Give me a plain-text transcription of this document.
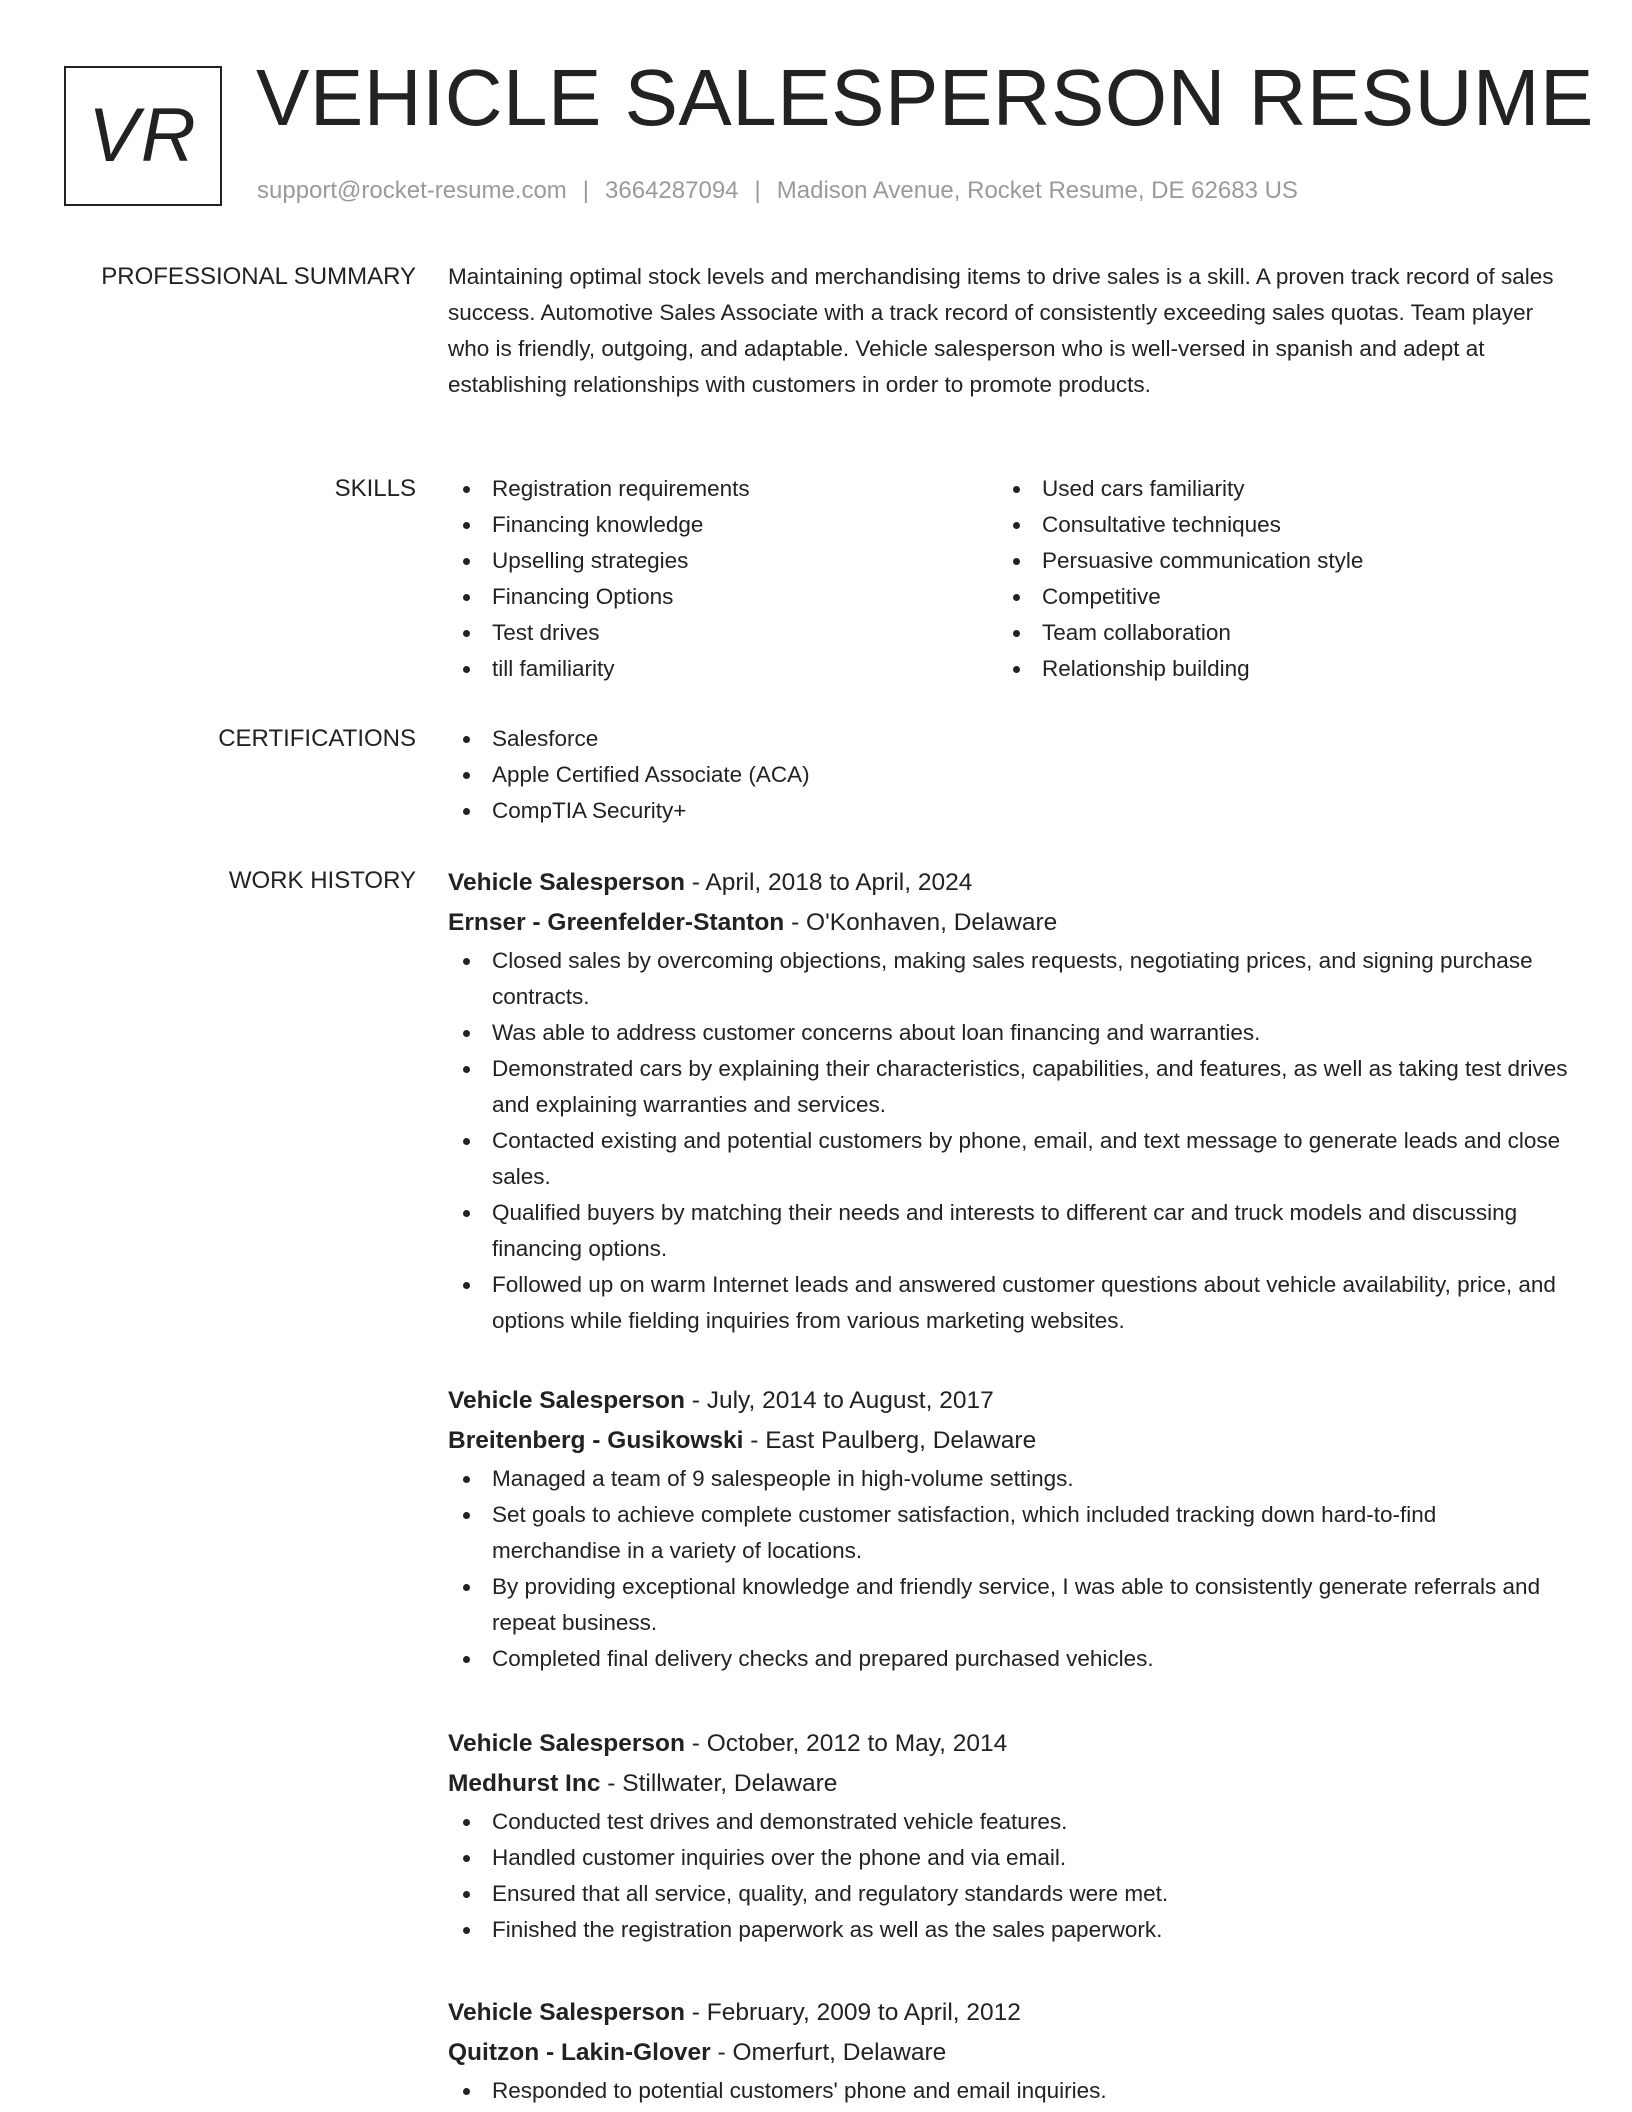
VR VEHICLE SALESPERSON RESUME
support@rocket-resume.com | 3664287094 | Madison Avenue, Rocket Resume, DE 62683 US
PROFESSIONAL SUMMARY Maintaining optimal stock levels and merchandising items to drive sales is a skill. A proven track record of sales success. Automotive Sales Associate with a track record of consistently exceeding sales quotas. Team player who is friendly, outgoing, and adaptable. Vehicle salesperson who is well-versed in spanish and adept at establishing relationships with customers in order to promote products.

SKILLS	Registration requirements
Financing knowledge
Upselling strategies
Financing Options
Test drives
till familiarity
Used cars familiarity
Consultative techniques
Persuasive communication style
Competitive
Team collaboration
Relationship building
CERTIFICATIONS	Salesforce
Apple Certified Associate (ACA)
CompTIA Security+
WORK HISTORY Vehicle Salesperson - April, 2018 to April, 2024
Ernser - Greenfelder-Stanton - O'Konhaven, Delaware
Closed sales by overcoming objections, making sales requests, negotiating prices, and signing purchase contracts.
Was able to address customer concerns about loan financing and warranties.
Demonstrated cars by explaining their characteristics, capabilities, and features, as well as taking test drives and explaining warranties and services.
Contacted existing and potential customers by phone, email, and text message to generate leads and close sales.
Qualified buyers by matching their needs and interests to different car and truck models and discussing financing options.
Followed up on warm Internet leads and answered customer questions about vehicle availability, price, and options while fielding inquiries from various marketing websites.
Vehicle Salesperson - July, 2014 to August, 2017
Breitenberg - Gusikowski - East Paulberg, Delaware
Managed a team of 9 salespeople in high-volume settings.
Set goals to achieve complete customer satisfaction, which included tracking down hard-to-find merchandise in a variety of locations.
By providing exceptional knowledge and friendly service, I was able to consistently generate referrals and repeat business.
Completed final delivery checks and prepared purchased vehicles.
Vehicle Salesperson - October, 2012 to May, 2014
Medhurst Inc - Stillwater, Delaware
Conducted test drives and demonstrated vehicle features.
Handled customer inquiries over the phone and via email.
Ensured that all service, quality, and regulatory standards were met.
Finished the registration paperwork as well as the sales paperwork.
Vehicle Salesperson - February, 2009 to April, 2012
Quitzon - Lakin-Glover - Omerfurt, Delaware
Responded to potential customers' phone and email inquiries.
